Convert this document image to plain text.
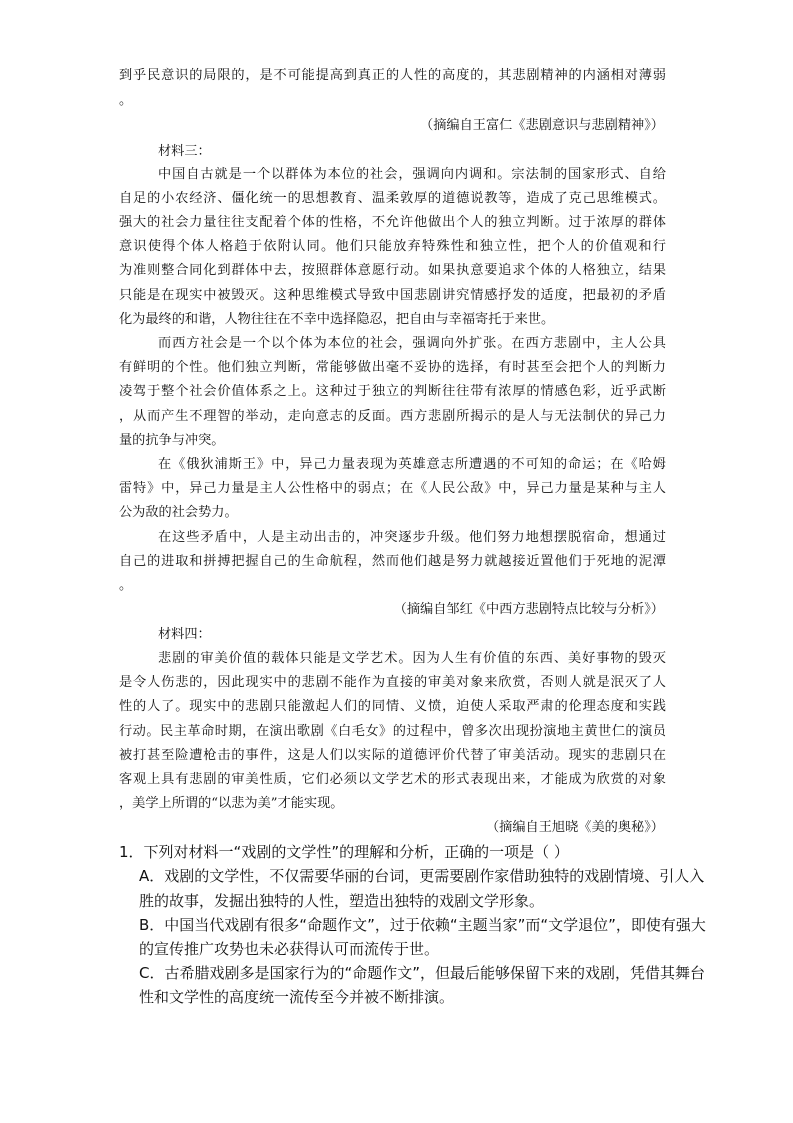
到乎民意识的局限的，是不可能提高到真正的人性的高度的，其悲剧精神的内涵相对薄弱
。
（摘编自王富仁《悲剧意识与悲剧精神》）
材料三：
中国自古就是一个以群体为本位的社会，强调向内调和。宗法制的国家形式、自给
自足的小农经济、僵化统一的思想教育、温柔敦厚的道德说教等，造成了克己思维模式。
强大的社会力量往往支配着个体的性格，不允许他做出个人的独立判断。过于浓厚的群体
意识使得个体人格趋于依附认同。他们只能放弃特殊性和独立性，把个人的价值观和行
为准则整合同化到群体中去，按照群体意愿行动。如果执意要追求个体的人格独立，结果
只能是在现实中被毁灭。这种思维模式导致中国悲剧讲究情感抒发的适度，把最初的矛盾
化为最终的和谐，人物往往在不幸中选择隐忍，把自由与幸福寄托于来世。
而西方社会是一个以个体为本位的社会，强调向外扩张。在西方悲剧中，主人公具
有鲜明的个性。他们独立判断，常能够做出毫不妥协的选择，有时甚至会把个人的判断力
凌驾于整个社会价值体系之上。这种过于独立的判断往往带有浓厚的情感色彩，近乎武断
，从而产生不理智的举动，走向意志的反面。西方悲剧所揭示的是人与无法制伏的异己力
量的抗争与冲突。
在《俄狄浦斯王》中，异己力量表现为英雄意志所遭遇的不可知的命运；在《哈姆
雷特》中，异己力量是主人公性格中的弱点；在《人民公敌》中，异己力量是某种与主人
公为敌的社会势力。
在这些矛盾中，人是主动出击的，冲突逐步升级。他们努力地想摆脱宿命，想通过
自己的进取和拼搏把握自己的生命航程，然而他们越是努力就越接近置他们于死地的泥潭
。
（摘编自邹红《中西方悲剧特点比较与分析》）
材料四：
悲剧的审美价值的载体只能是文学艺术。因为人生有价值的东西、美好事物的毁灭
是令人伤悲的，因此现实中的悲剧不能作为直接的审美对象来欣赏，否则人就是泯灭了人
性的人了。现实中的悲剧只能激起人们的同情、义愤，迫使人采取严肃的伦理态度和实践
行动。民主革命时期，在演出歌剧《白毛女》的过程中，曾多次出现扮演地主黄世仁的演员
被打甚至险遭枪击的事件，这是人们以实际的道德评价代替了审美活动。现实的悲剧只在
客观上具有悲剧的审美性质，它们必须以文学艺术的形式表现出来，才能成为欣赏的对象
，美学上所谓的“以悲为美”才能实现。
（摘编自王旭晓《美的奥秘》）
1．下列对材料一“戏剧的文学性”的理解和分析，正确的一项是（ ）
A．戏剧的文学性，不仅需要华丽的台词，更需要剧作家借助独特的戏剧情境、引人入
胜的故事，发掘出独特的人性，塑造出独特的戏剧文学形象。
B．中国当代戏剧有很多“命题作文”，过于依赖“主题当家”而“文学退位”，即使有强大
的宣传推广攻势也未必获得认可而流传于世。
C．古希腊戏剧多是国家行为的“命题作文”，但最后能够保留下来的戏剧，凭借其舞台
性和文学性的高度统一流传至今并被不断排演。
